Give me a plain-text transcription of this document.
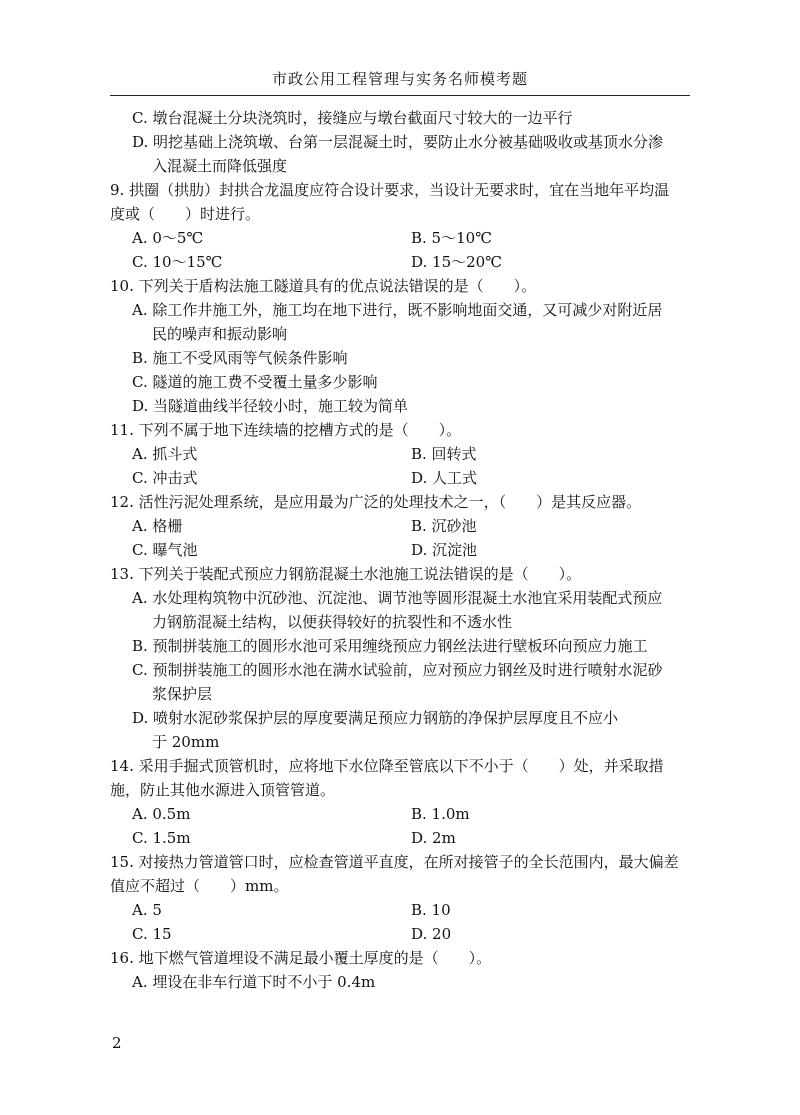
市政公用工程管理与实务名师模考题
C. 墩台混凝土分块浇筑时，接缝应与墩台截面尺寸较大的一边平行
D. 明挖基础上浇筑墩、台第一层混凝土时，要防止水分被基础吸收或基顶水分渗
入混凝土而降低强度
9. 拱圈（拱肋）封拱合龙温度应符合设计要求，当设计无要求时，宜在当地年平均温
度或（　　）时进行。
A. 0～5℃	B. 5～10℃
C. 10～15℃	D. 15～20℃
10. 下列关于盾构法施工隧道具有的优点说法错误的是（　　）。
A. 除工作井施工外，施工均在地下进行，既不影响地面交通，又可减少对附近居
民的噪声和振动影响
B. 施工不受风雨等气候条件影响
C. 隧道的施工费不受覆土量多少影响
D. 当隧道曲线半径较小时，施工较为简单
11. 下列不属于地下连续墙的挖槽方式的是（　　）。
A. 抓斗式	B. 回转式
C. 冲击式	D. 人工式
12. 活性污泥处理系统，是应用最为广泛的处理技术之一，（　　）是其反应器。
A. 格栅	B. 沉砂池
C. 曝气池	D. 沉淀池
13. 下列关于装配式预应力钢筋混凝土水池施工说法错误的是（　　）。
A. 水处理构筑物中沉砂池、沉淀池、调节池等圆形混凝土水池宜采用装配式预应
力钢筋混凝土结构，以便获得较好的抗裂性和不透水性
B. 预制拼装施工的圆形水池可采用缠绕预应力钢丝法进行壁板环向预应力施工
C. 预制拼装施工的圆形水池在满水试验前，应对预应力钢丝及时进行喷射水泥砂
浆保护层
D. 喷射水泥砂浆保护层的厚度要满足预应力钢筋的净保护层厚度且不应小
于 20mm
14. 采用手掘式顶管机时，应将地下水位降至管底以下不小于（　　）处，并采取措
施，防止其他水源进入顶管管道。
A. 0.5m	B. 1.0m
C. 1.5m	D. 2m
15. 对接热力管道管口时，应检查管道平直度，在所对接管子的全长范围内，最大偏差
值应不超过（　　）mm。
A. 5	B. 10
C. 15	D. 20
16. 地下燃气管道埋设不满足最小覆土厚度的是（　　）。
A. 埋设在非车行道下时不小于 0.4m
2
